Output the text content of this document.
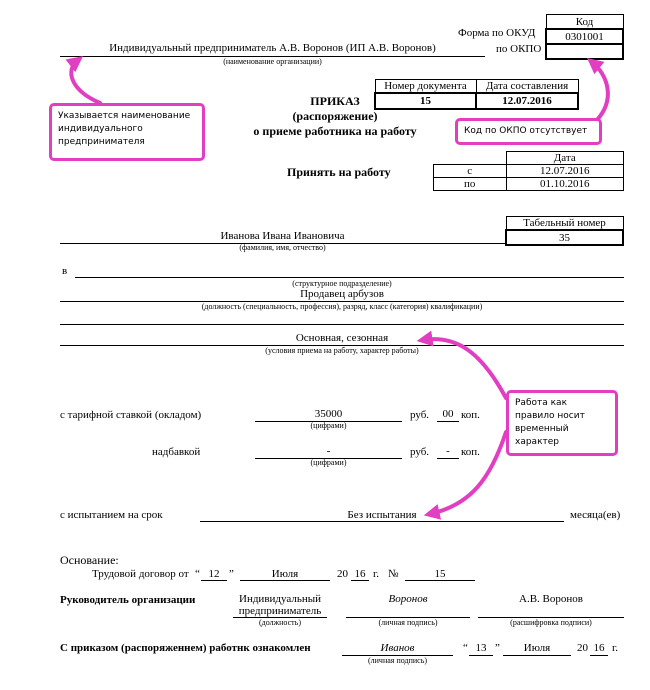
Форма по ОКУД
по ОКПО
Код
0301001

Индивидуальный предприниматель А.В. Воронов (ИП А.В. Воронов)
(наименование организации)
Номер документа	Дата составления
15	12.07.2016
ПРИКАЗ
(распоряжение)
о приеме работника на работу
Принять на работу
	Дата
с	12.07.2016
по	01.10.2016
Табельный номер
35
Иванова Ивана Ивановича
(фамилия, имя, отчество)
в
(структурное подразделение)
Продавец арбузов
(должность (специальность, профессия), разряд, класс (категория) квалификации)
Основная, сезонная
(условия приема на работу, характер работы)
с тарифной ставкой (окладом)	35000
(цифрами)
руб.	00 коп.
надбавкой	-
(цифрами)
руб.	-	коп.
с испытанием на срок	Без испытания	месяца(ев)
Основание:
Трудовой договор от “ 12 ”	Июля	20 16 г. №	15
Руководитель организации	Индивидуальный
предприниматель
(должность)
Воронов
(личная подпись)
А.В. Воронов
(расшифровка подписи)
С приказом (распоряженнем) работнк ознакомлен	Иванов
(личная подпись)
“ 13 ”	Июля	20 16 г.
Указывается наименование индивидуального предпринимателя
Код по ОКПО отсутствует
Работа как правило носит временный характер
